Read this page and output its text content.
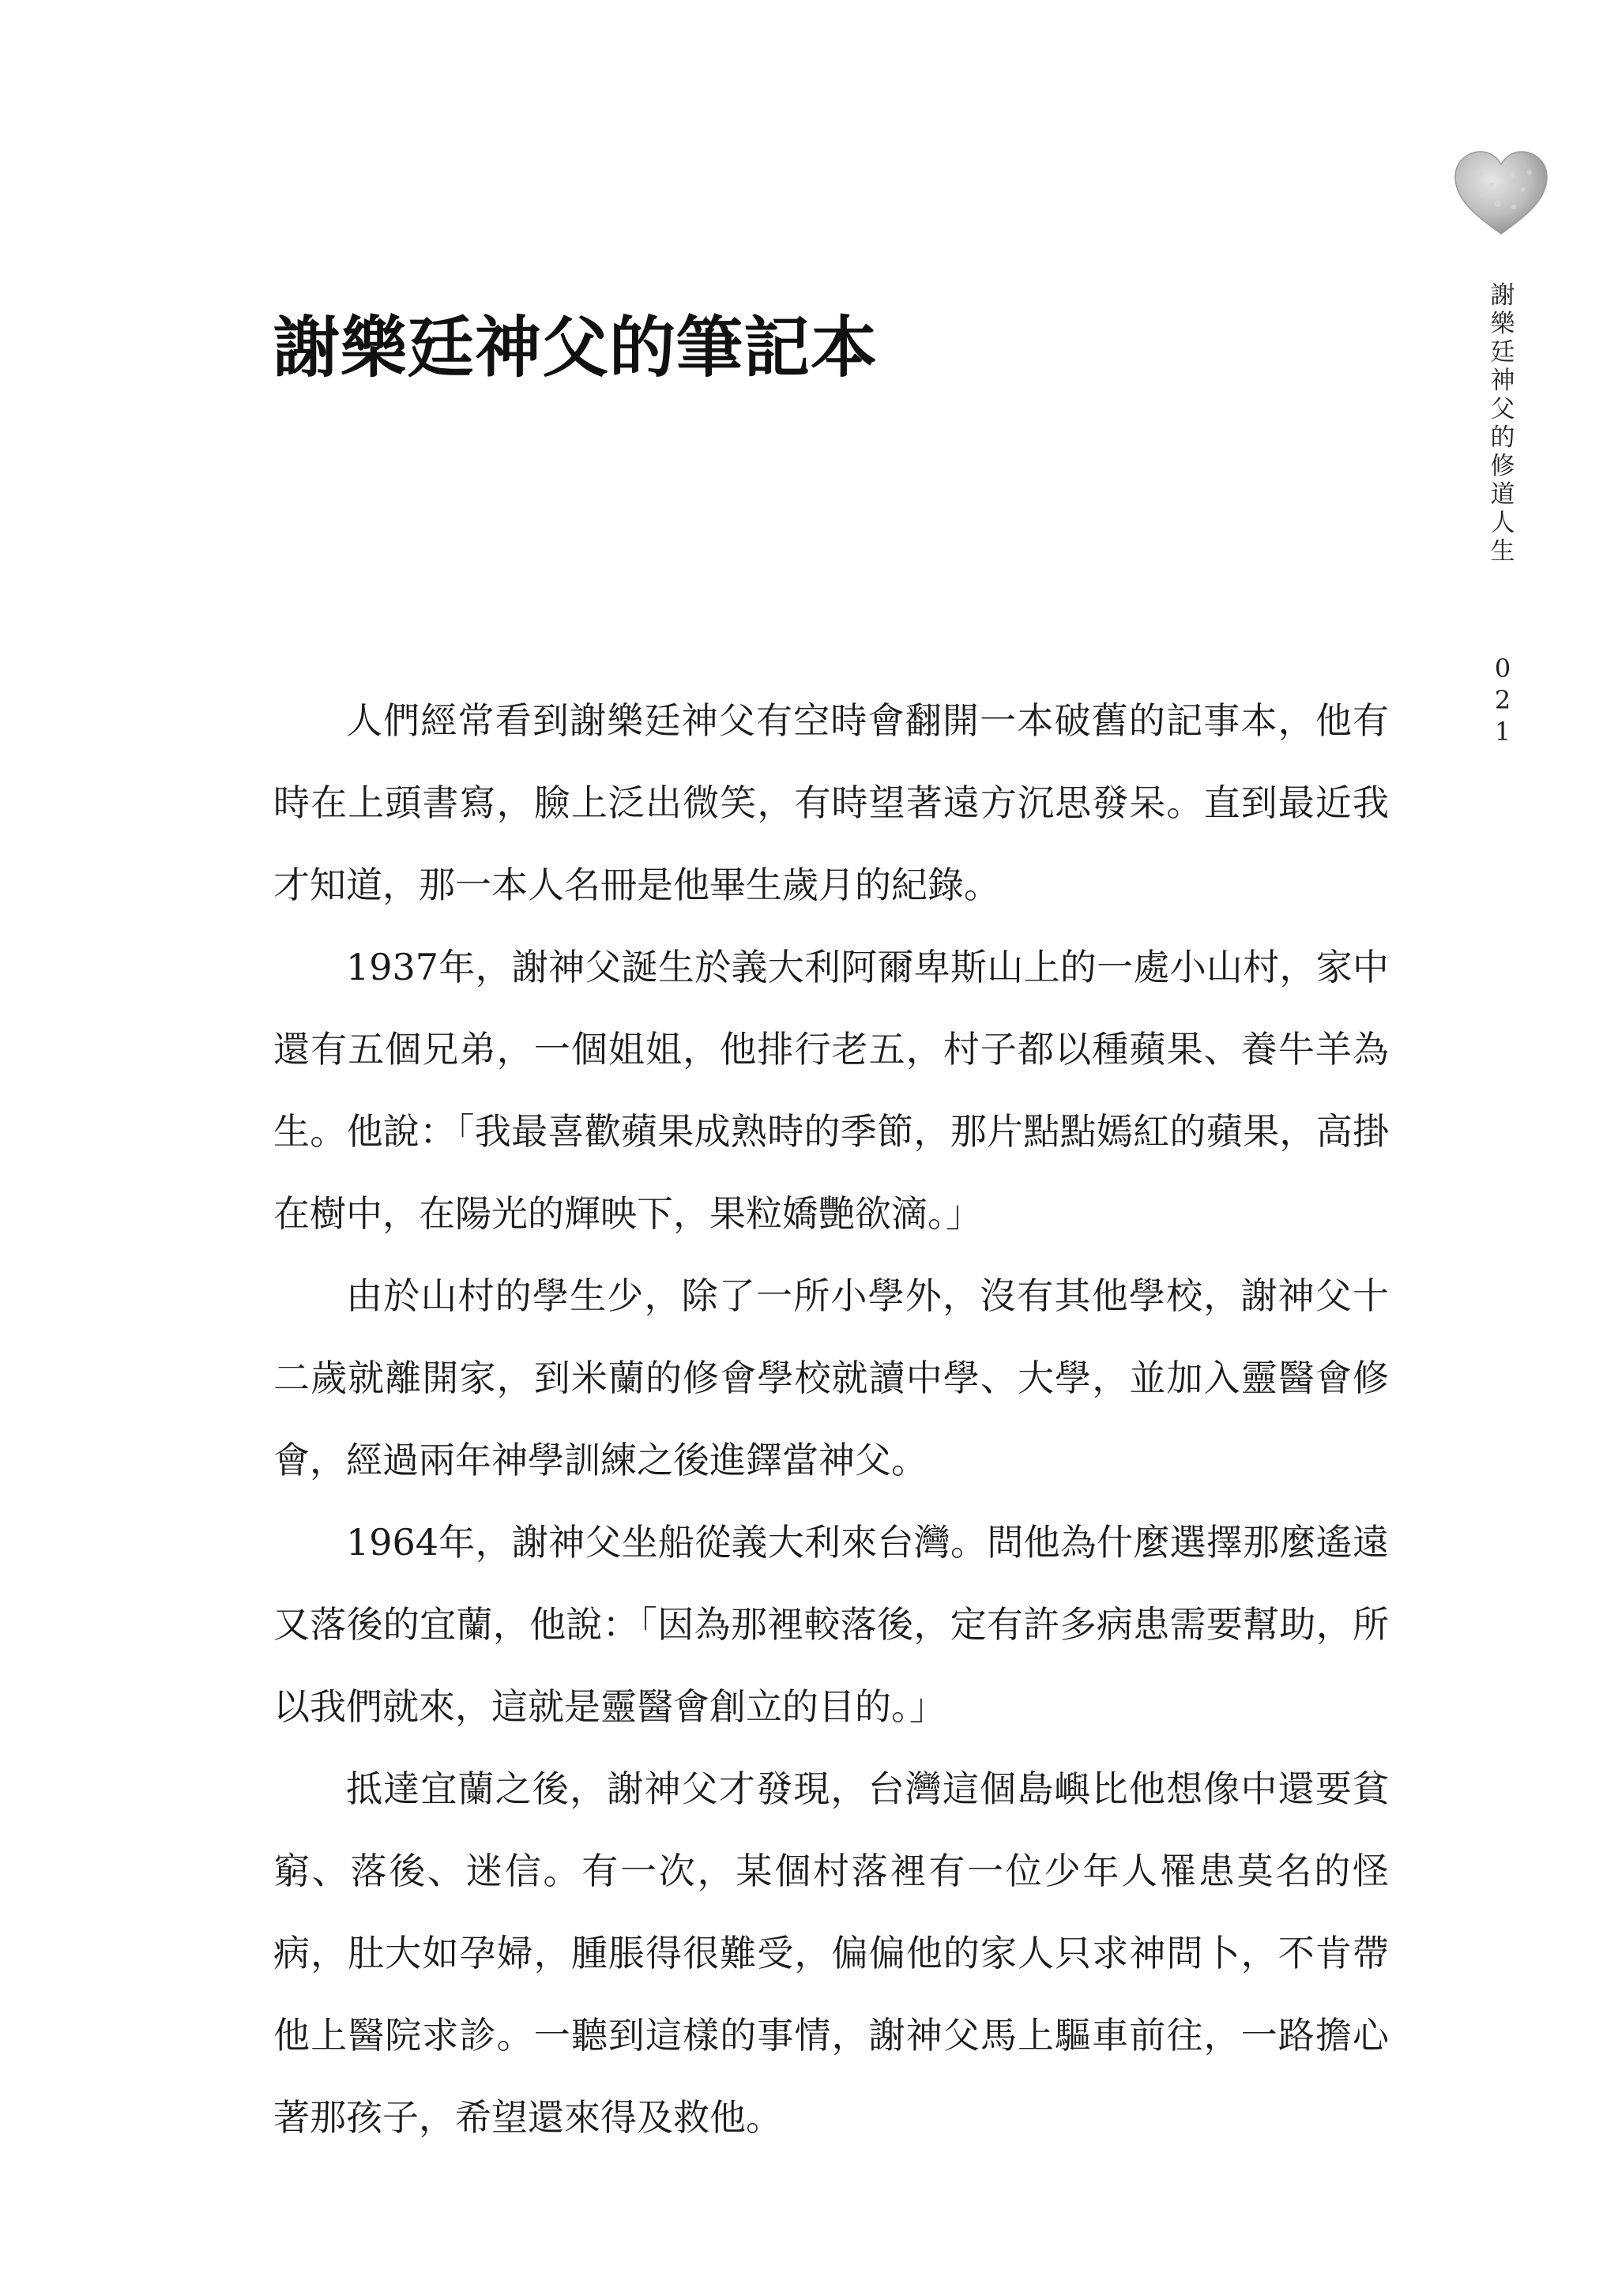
謝樂廷神父的修道人生
021
謝樂廷神父的筆記本

人們經常看到謝樂廷神父有空時會翻開一本破舊的記事本，他有時在上頭書寫，臉上泛出微笑，有時望著遠方沉思發呆。直到最近我才知道，那一本人名冊是他畢生歲月的紀錄。

1937年，謝神父誕生於義大利阿爾卑斯山上的一處小山村，家中還有五個兄弟，一個姐姐，他排行老五，村子都以種蘋果、養牛羊為生。他說：「我最喜歡蘋果成熟時的季節，那片點點嫣紅的蘋果，高掛在樹中，在陽光的輝映下，果粒嬌艷欲滴。」

由於山村的學生少，除了一所小學外，沒有其他學校，謝神父十二歲就離開家，到米蘭的修會學校就讀中學、大學，並加入靈醫會修會，經過兩年神學訓練之後進鐸當神父。

1964年，謝神父坐船從義大利來台灣。問他為什麼選擇那麼遙遠又落後的宜蘭，他說：「因為那裡較落後，定有許多病患需要幫助，所以我們就來，這就是靈醫會創立的目的。」

抵達宜蘭之後，謝神父才發現，台灣這個島嶼比他想像中還要貧窮、落後、迷信。有一次，某個村落裡有一位少年人罹患莫名的怪病，肚大如孕婦，腫脹得很難受，偏偏他的家人只求神問卜，不肯帶他上醫院求診。一聽到這樣的事情，謝神父馬上驅車前往，一路擔心著那孩子，希望還來得及救他。
